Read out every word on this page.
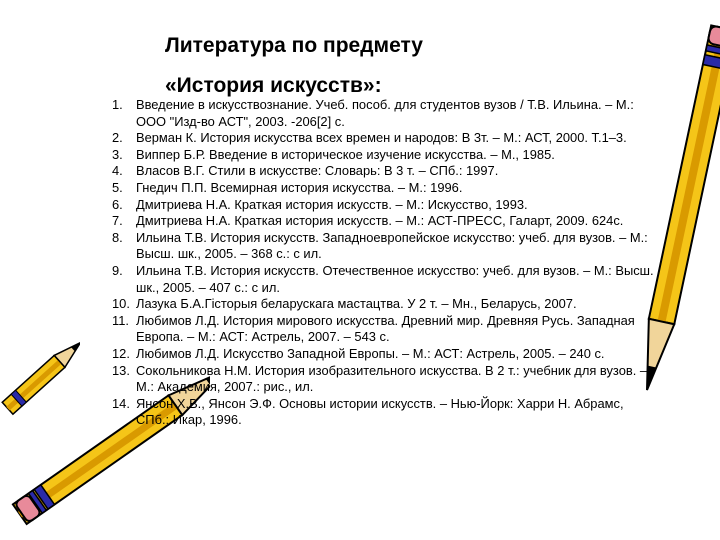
Литература по предмету
«История искусств»:
1. Введение в искусствознание. Учеб. пособ. для студентов вузов / Т.В. Ильина. – М.: ООО "Изд-во АСТ", 2003. -206[2] с.
2. Верман К. История искусства всех времен и народов: В 3т. – М.: АСТ, 2000. Т.1–3.
3. Виппер Б.Р. Введение в историческое изучение искусства. – М., 1985.
4. Власов В.Г. Стили в искусстве: Словарь: В 3 т. – СПб.: 1997.
5. Гнедич П.П. Всемирная история искусства. – М.: 1996.
6. Дмитриева Н.А. Краткая история искусств. – М.: Искусство, 1993.
7. Дмитриева Н.А. Краткая история искусств. – М.: АСТ-ПРЕСС, Галарт, 2009. 624с.
8. Ильина Т.В. История искусств. Западноевропейское искусство: учеб. для вузов. – М.: Высш. шк., 2005. – 368 с.: с ил.
9. Ильина Т.В. История искусств. Отечественное искусство: учеб. для вузов. – М.: Высш. шк., 2005. – 407 с.: с ил.
10. Лазука Б.А.Гісторыя беларускага мастацтва. У 2 т. – Мн., Беларусь, 2007.
11. Любимов Л.Д. История мирового искусства. Древний мир. Древняя Русь. Западная Европа. – М.: АСТ: Астрель, 2007. – 543 с.
12. Любимов Л.Д. Искусство Западной Европы. – М.: АСТ: Астрель, 2005. – 240 с.
13. Сокольникова Н.М. История изобразительного искусства. В 2 т.: учебник для вузов. – М.: Академия, 2007.: рис., ил.
14. Янсон Х.В., Янсон Э.Ф. Основы истории искусств. – Нью-Йорк: Харри Н. Абрамс, СПб.: Икар, 1996.
